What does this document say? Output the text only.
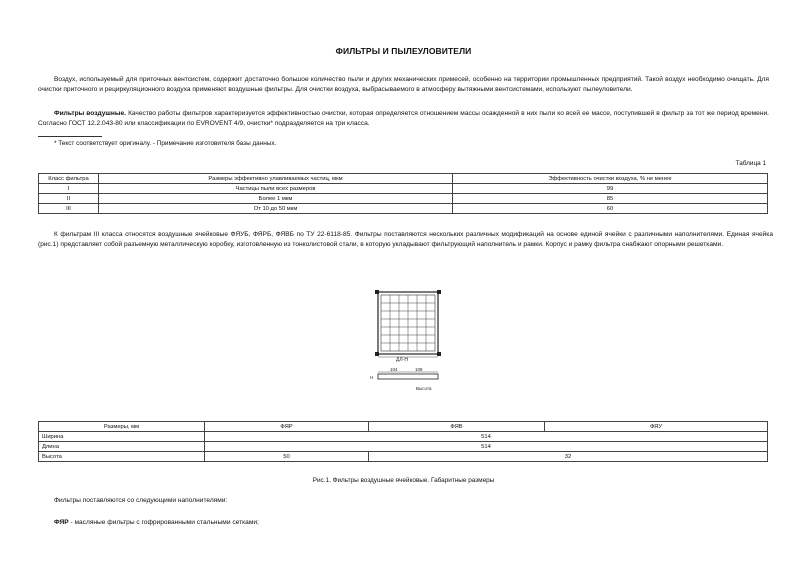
ФИЛЬТРЫ И ПЫЛЕУЛОВИТЕЛИ
Воздух, используемый для приточных вентсистем, содержит достаточно большое количество пыли и других механических примесей, особенно на территории промышленных предприятий. Такой воздух необходимо очищать. Для очистки приточного и рециркуляционного воздуха применяют воздушные фильтры. Для очистки воздуха, выбрасываемого в атмосферу вытяжными вентсистемами, используют пылеуловители.
Фильтры воздушные. Качество работы фильтров характеризуется эффективностью очистки, которая определяется отношением массы осажденной в них пыли ко всей ее массе, поступившей в фильтр за тот же период времени. Согласно ГОСТ 12.2.043-80 или классификации по EVROVENT 4/9, очистки* подразделяется на три класса.
* Текст соответствует оригиналу. - Примечание изготовителя базы данных.
Таблица 1
Класс фильтра	Размеры эффективно улавливаемых частиц, мкм	Эффективность очистки воздуха, % не менее
I	Частицы пыли всех размеров	99
II	Более 1 мкм	85
III	От 10 до 50 мкм	60
К фильтрам III класса относятся воздушные ячейковые ФЯУБ, ФЯРБ, ФЯВБ по ТУ 22-6118-85. Фильтры поставляются нескольких различных модификаций на основе единой ячейки с различными наполнителями. Единая ячейка (рис.1) представляет собой разъемную металлическую коробку, изготовленную из тонколистовой стали, в которую укладывают фильтрующий наполнитель и рамки. Корпус и рамку фильтра снабжают опорными решетками.
ДЛ·Н
104	108
H
Высота
Размеры, мм	ФЯР	ФЯВ	ФЯУ
Ширина	514		
Длина	514		
Высота	50	32	
Рис.1. Фильтры воздушные ячейковые. Габаритные размеры
Фильтры поставляются со следующими наполнителями:
ФЯР - масляные фильтры с гофрированными стальными сетками;
